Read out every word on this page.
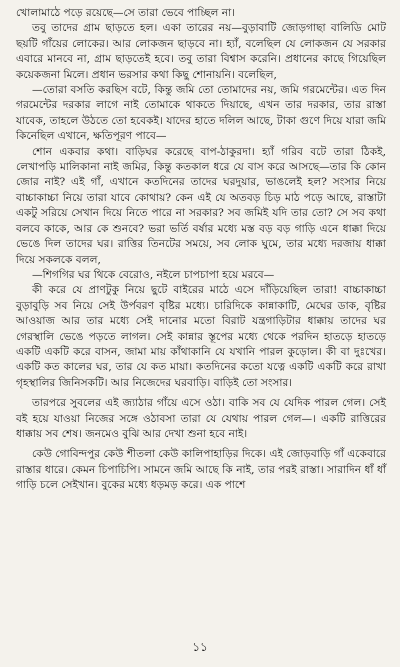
খোলামাঠে পড়ে রয়েছে—সে তারা ভেবে পাচ্ছিল না।

তবু তাদের গ্রাম ছাড়তে হল। একা তারের নয়—বুড়াবাটি জোড়গাছা বালিডি মোট ছয়টি গাঁয়ের লোকের। আর লোকজন ছাড়বে না। হ্যাঁ, বলেছিল যে লোকজন যে সরকার এবারে মানবে না, গ্রাম ছাড়তেই হবে। তবু তারা বিশ্বাস করেনি। প্রধানের কাছে গিয়েছিল কয়েকজনা মিলে। প্রধান ভরসার কথা কিছু শোনায়নি। বলেছিল,

—তোরা বসতি করছিস বটে, কিন্তু জমি তো তোমাদের নয়, জমি গরমেন্টের। এত দিন গরমেন্টের দরকার লাগে নাই তোমাকে থাকতে দিয়াছে, এখন তার দরকার, তার রাস্তা যাবেক, তাহলে উঠতে তো হবেকই। যাদের হাতে দলিল আছে, টাকা গুণে দিয়ে যারা জমি কিনেছিল এখানে, ক্ষতিপূরণ পাবে—

শোন একবার কথা। বাড়িঘর করেছে বাপ-ঠাকুরদা। হ্যাঁ গরিব বটে তারা ঠিকই, লেখাপড়ি মালিকানা নাই জমির, কিন্তু কতকাল ধরে যে বাস করে আসছে—তার কি কোন জোর নাই? এই গাঁ, এখানে কতদিনের তাদের ঘরদুয়ার, ভাঙলেই হল? সংসার নিয়ে বাচ্চাকাচ্চা নিয়ে তারা যাবে কোথায়? কেন এই যে অতবড় চিড় মাঠ পড়ে আছে, রাস্তাটা একটু সরিয়ে সেখান দিয়ে নিতে পারে না সরকার? সব জমিই যদি তার তো? সে সব কথা বলবে কাকে, আর কে শুনবে? ভরা ভর্তি বর্ষার মধ্যে মস্ত বড় বড় গাড়ি এনে ধাক্কা দিয়ে ভেঙে দিল তাদের ঘর। রাত্তির তিনটের সময়ে, সব লোক ঘুমে, তার মধ্যে দরজায় ধাক্কা দিয়ে সকলকে বলল,

—শিগগির ঘর থিকে বেরোও, নইলে চাপচাপা হয়ে মরবে—

কী করে যে প্রাণটুকু নিয়ে ছুটে বাইরের মাঠে এসে দাঁড়িয়েছিল তারা! বাচ্চাকাচ্চা বুড়াবুড়ি সব নিয়ে সেই উর্পবরণ বৃষ্টির মধ্যে। চারিদিকে কান্নাকাটি, মেঘের ডাক, বৃষ্টির আওয়াজ আর তার মধ্যে সেই দানোর মতো বিরাট যন্ত্রগাড়িটার ধাক্কায় তাদের ঘর গেরস্থালি ভেঙে পড়তে লাগল। সেই কান্নার স্তূপের মধ্যে থেকে পরদিন হাতড়ে হাতড়ে একটি একটি করে বাসন, জামা মায় কাঁথাকানি যে যখানি পারল কুড়োল। কী বা দুঃখের। একটি কত কালের ঘর, তার যে কত মায়া। কতদিনের কতো যত্নে একটি একটি করে রাখা গৃহস্থালির জিনিসকটি। আর নিজেদের ঘরবাড়ি। বাড়িই তো সংসার।

তারপরে সুবলের এই জ্যাঠার গাঁয়ে এসে ওঠা। বাকি সব যে যেদিক পারল গেল। সেই বই হয়ে যাওয়া নিজের সঙ্গে ওঠাবসা তারা যে যেথায় পারল গেল—। একটি রাত্তিরের ধাক্কায় সব শেষ। জনমেও বুঝি আর দেখা শুনা হবে নাই।

কেউ গোবিন্দপুর কেউ শীতলা কেউ কালিপাহাড়ির দিকে। এই জোড়বাড়ি গাঁ একেবারে রাস্তার ধারে। কেমন চিপাচিপি। সামনে জমি আছে কি নাই, তার পরই রাস্তা। সারাদিন ধাঁ ধাঁ গাড়ি চলে সেইখান। বুকের মধ্যে ধড়মড় করে। এক পাশে

১১
